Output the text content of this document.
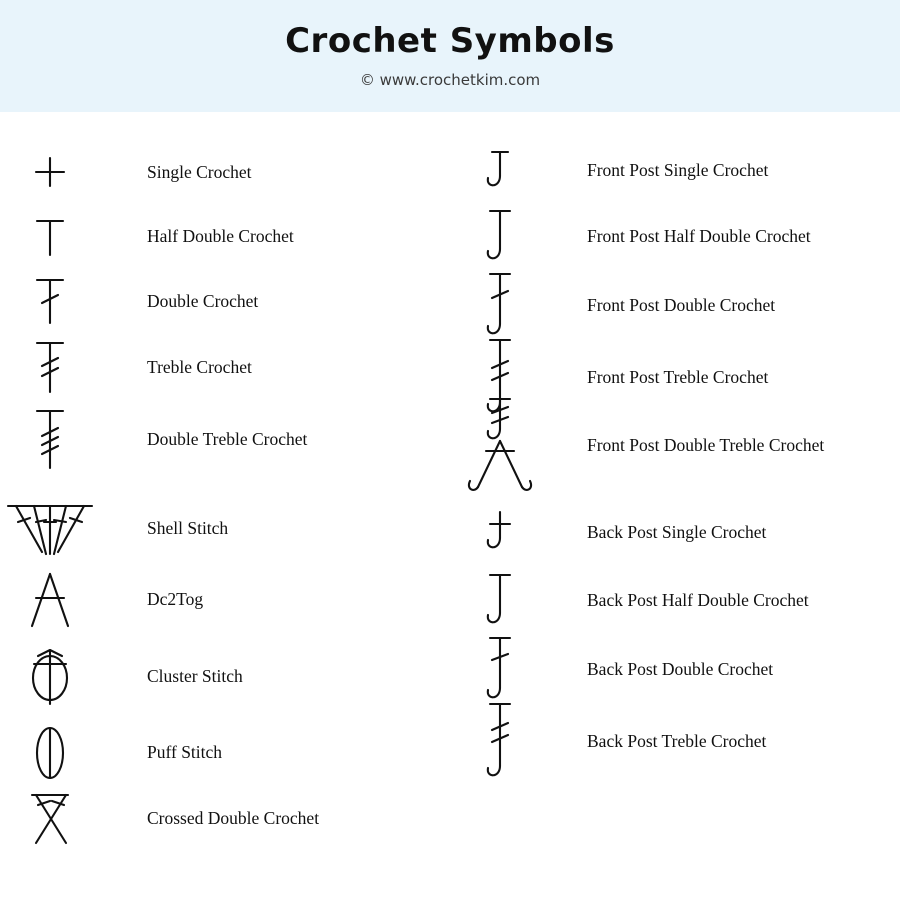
Crochet Symbols
© www.crochetkim.com
Single Crochet
Half Double Crochet
Double Crochet
Treble Crochet
Double Treble Crochet
Shell Stitch
Dc2Tog
Cluster Stitch
Puff Stitch
Crossed Double Crochet
Front Post Single Crochet
Front Post Half Double Crochet
Front Post Double Crochet
Front Post Treble Crochet
Front Post Double Treble Crochet
Back Post Single Crochet
Back Post Half Double Crochet
Back Post Double Crochet
Back Post Treble Crochet
